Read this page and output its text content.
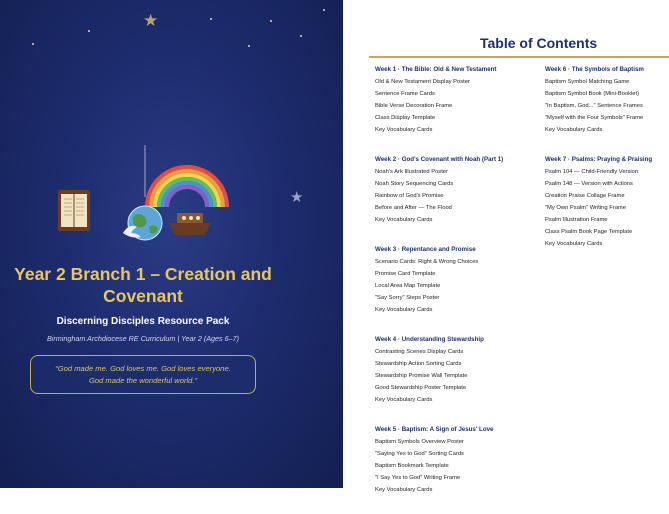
★
★
Year 2 Branch 1 – Creation and
Covenant
Discerning Disciples Resource Pack
Birmingham Archdiocese RE Curriculum | Year 2 (Ages 6–7)
“God made me. God loves me. God loves everyone.
God made the wonderful world.”
Table of Contents
Week 1 · The Bible: Old & New Testament
Old & New Testament Display Poster
Sentence Frame Cards
Bible Verse Decoration Frame
Class Display Template
Key Vocabulary Cards
Week 2 · God's Covenant with Noah (Part 1)
Noah's Ark Illustrated Poster
Noah Story Sequencing Cards
Rainbow of God's Promise
Before and After — The Flood
Key Vocabulary Cards
Week 3 · Repentance and Promise
Scenario Cards: Right & Wrong Choices
Promise Card Template
Local Area Map Template
"Say Sorry" Steps Poster
Key Vocabulary Cards
Week 4 · Understanding Stewardship
Contrasting Scenes Display Cards
Stewardship Action Sorting Cards
Stewardship Promise Wall Template
Good Stewardship Poster Template
Key Vocabulary Cards
Week 5 · Baptism: A Sign of Jesus' Love
Baptism Symbols Overview Poster
"Saying Yes to God" Sorting Cards
Baptism Bookmark Template
"I Say Yes to God" Writing Frame
Key Vocabulary Cards
Week 6 · The Symbols of Baptism
Baptism Symbol Matching Game
Baptism Symbol Book (Mini-Booklet)
"In Baptism, God..." Sentence Frames
"Myself with the Four Symbols" Frame
Key Vocabulary Cards
Week 7 · Psalms: Praying & Praising
Psalm 104 — Child-Friendly Version
Psalm 148 — Version with Actions
Creation Praise Collage Frame
"My Own Psalm" Writing Frame
Psalm Illustration Frame
Class Psalm Book Page Template
Key Vocabulary Cards
